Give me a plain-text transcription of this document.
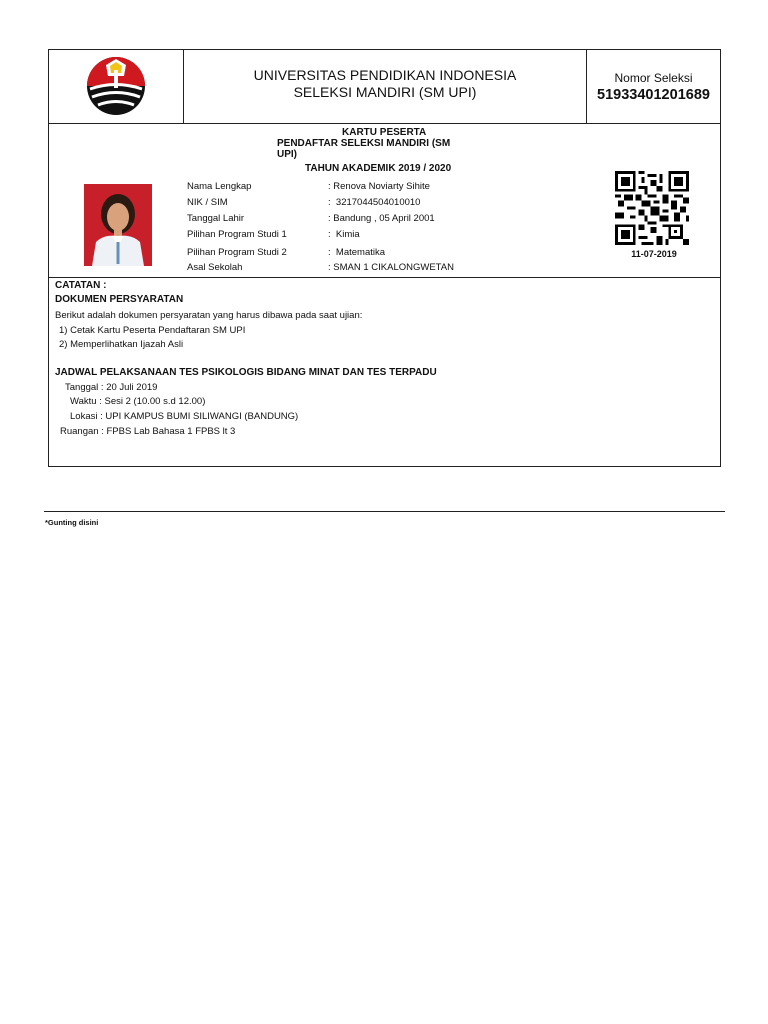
UNIVERSITAS PENDIDIKAN INDONESIA
SELEKSI MANDIRI (SM UPI)
Nomor Seleksi
51933401201689
KARTU PESERTA
PENDAFTAR SELEKSI MANDIRI (SM
UPI)
TAHUN AKADEMIK 2019 / 2020
Nama Lengkap	: Renova Noviarty Sihite
NIK / SIM	:  3217044504010010
Tanggal Lahir	: Bandung , 05 April 2001
Pilihan Program Studi 1	:  Kimia
Pilihan Program Studi 2	:  Matematika
Asal Sekolah	: SMAN 1 CIKALONGWETAN
11-07-2019
CATATAN :
DOKUMEN PERSYARATAN
Berikut adalah dokumen persyaratan yang harus dibawa pada saat ujian:
1) Cetak Kartu Peserta Pendaftaran SM UPI
2) Memperlihatkan Ijazah Asli
JADWAL PELAKSANAAN TES PSIKOLOGIS BIDANG MINAT DAN TES TERPADU
Tanggal : 20 Juli 2019
Waktu : Sesi 2 (10.00 s.d 12.00)
Lokasi : UPI KAMPUS BUMI SILIWANGI (BANDUNG)
Ruangan : FPBS Lab Bahasa 1 FPBS lt 3
*Gunting disini
